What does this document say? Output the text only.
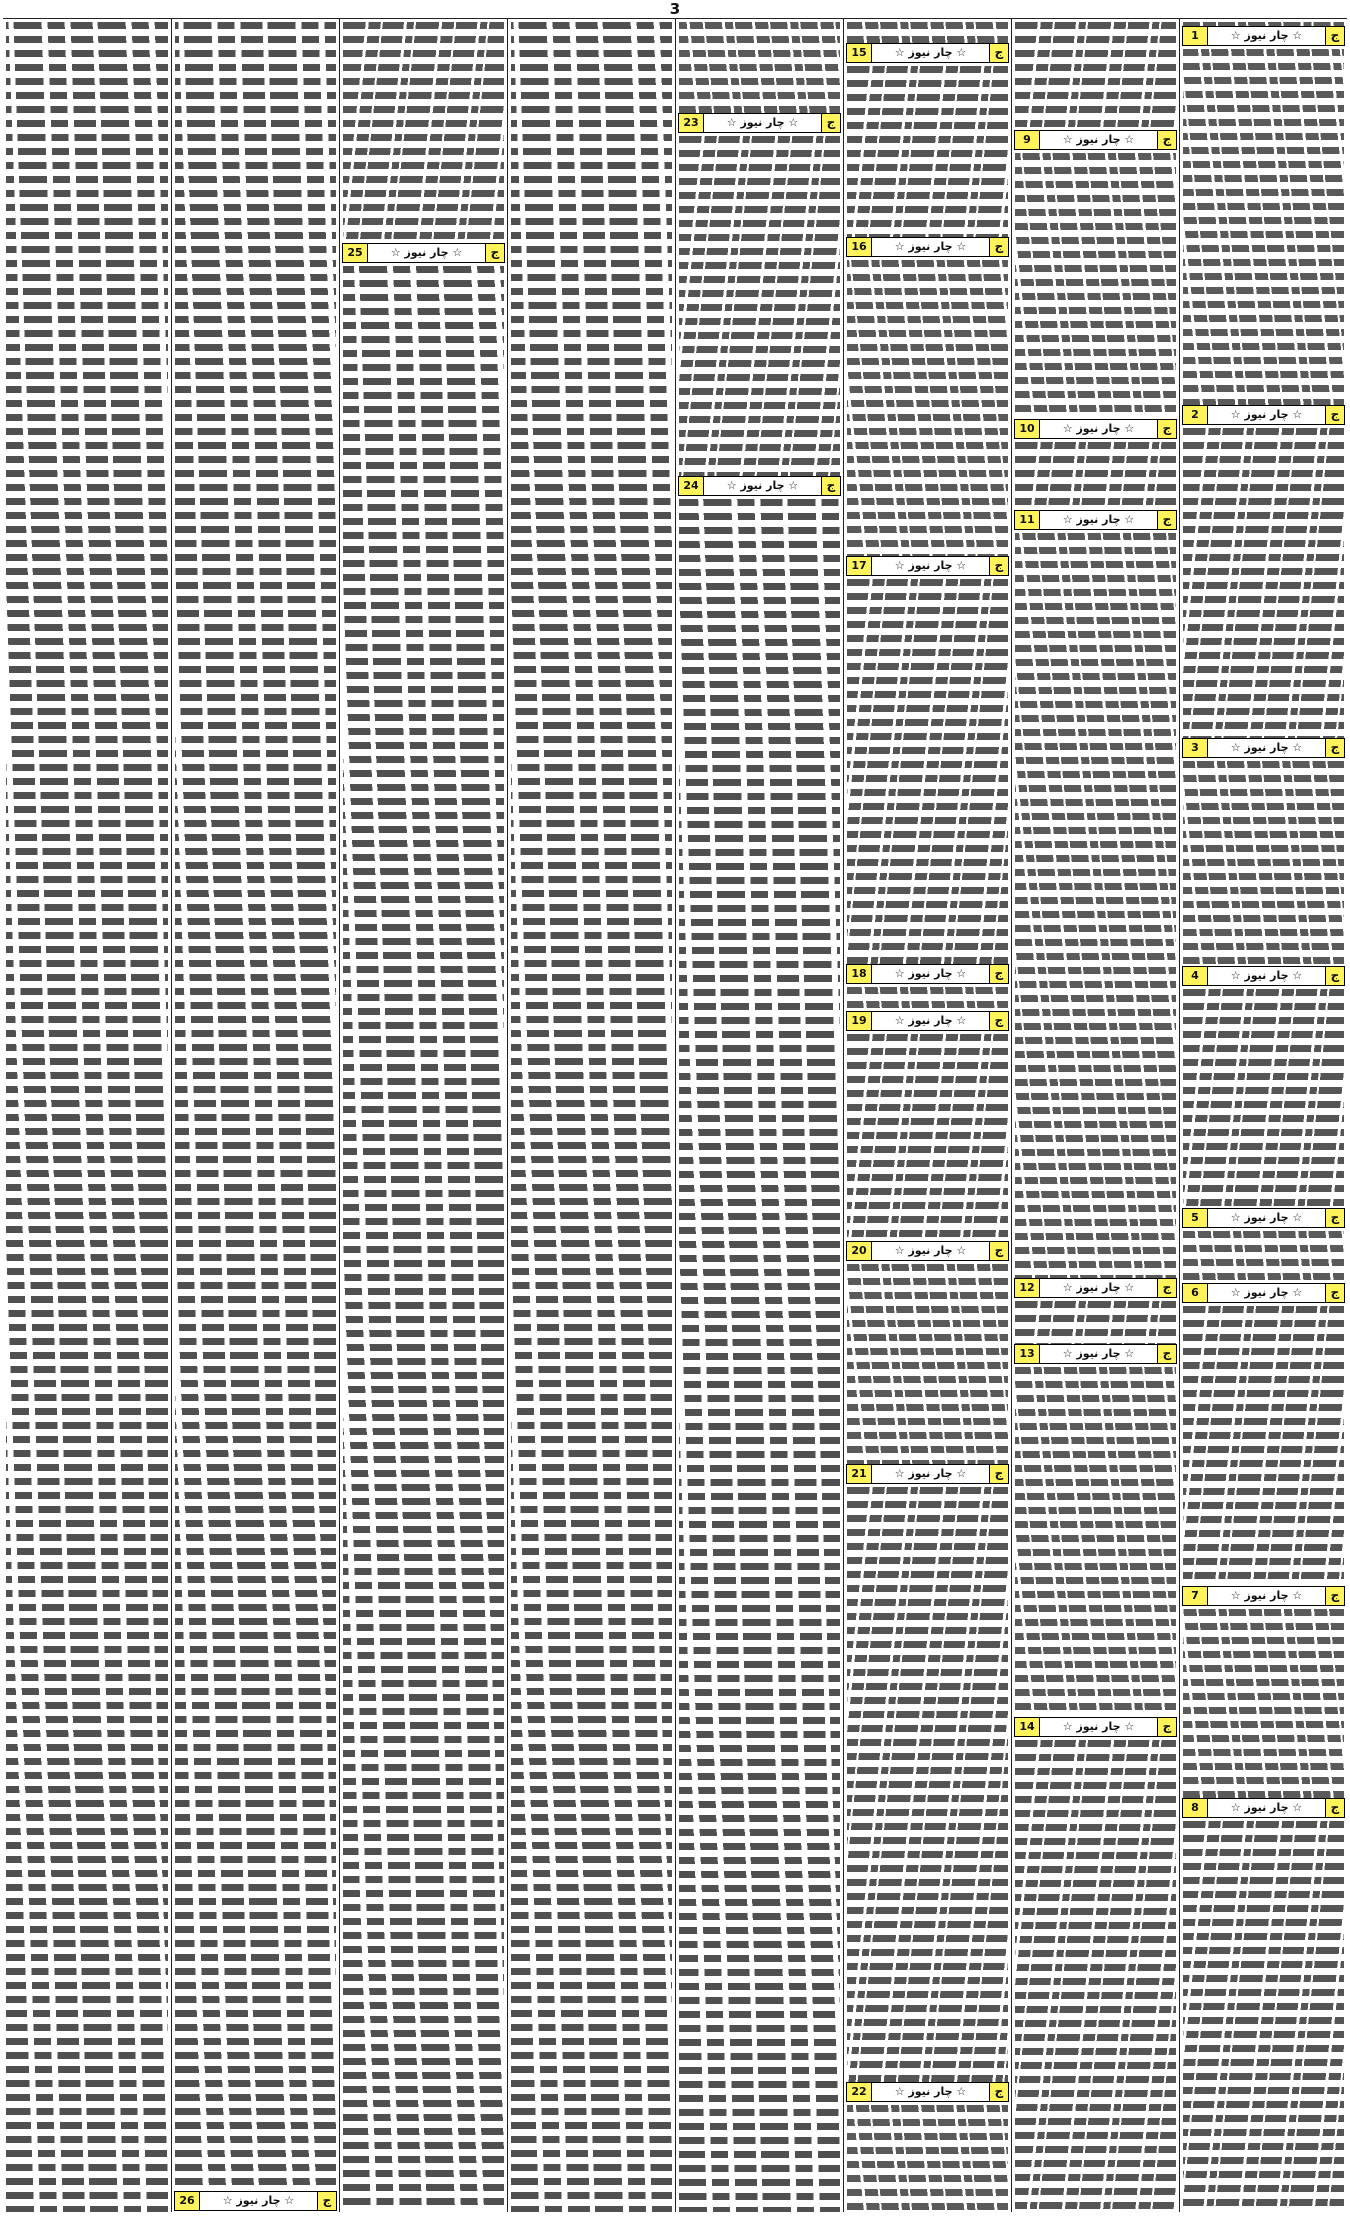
3
1	☆ چار نیوز ☆	ج
2	☆ چار نیوز ☆	ج
3	☆ چار نیوز ☆	ج
4	☆ چار نیوز ☆	ج
5	☆ چار نیوز ☆	ج
6	☆ چار نیوز ☆	ج
7	☆ چار نیوز ☆	ج
8	☆ چار نیوز ☆	ج
9	☆ چار نیوز ☆	ج
10	☆ چار نیوز ☆	ج
11	☆ چار نیوز ☆	ج
12	☆ چار نیوز ☆	ج
13	☆ چار نیوز ☆	ج
14	☆ چار نیوز ☆	ج
15	☆ چار نیوز ☆	ج
16	☆ چار نیوز ☆	ج
17	☆ چار نیوز ☆	ج
18	☆ چار نیوز ☆	ج
19	☆ چار نیوز ☆	ج
20	☆ چار نیوز ☆	ج
21	☆ چار نیوز ☆	ج
22	☆ چار نیوز ☆	ج
23	☆ چار نیوز ☆	ج
24	☆ چار نیوز ☆	ج
25	☆ چار نیوز ☆	ج
26	☆ چار نیوز ☆	ج
